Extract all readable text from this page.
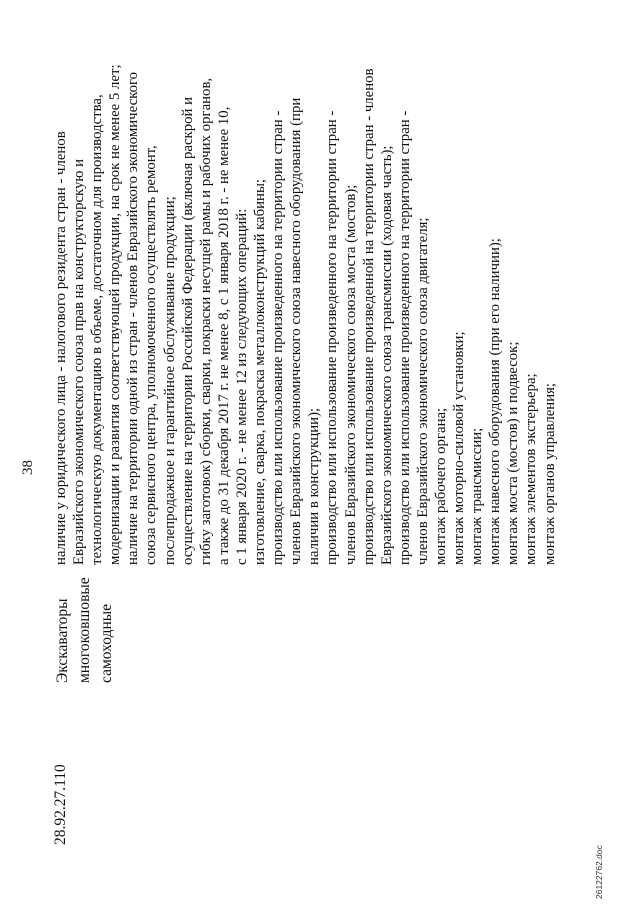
38
28.92.27.110
Экскаваторы многоковшовые самоходные
наличие у юридического лица - налогового резидента стран - членов Евразийского экономического союза прав на конструкторскую и технологическую документацию в объеме, достаточном для производства, модернизации и развития соответствующей продукции, на срок не менее 5 лет; наличие на территории одной из стран - членов Евразийского экономического союза сервисного центра, уполномоченного осуществлять ремонт, послепродажное и гарантийное обслуживание продукции; осуществление на территории Российской Федерации (включая раскрой и гибку заготовок) сборки, сварки, покраски несущей рамы и рабочих органов, а также до 31 декабря 2017 г. не менее 8, с 1 января 2018 г. - не менее 10, с 1 января 2020 г. - не менее 12 из следующих операций: изготовление, сварка, покраска металлоконструкций кабины; производство или использование произведенного на территории стран - членов Евразийского экономического союза навесного оборудования (при наличии в конструкции); производство или использование произведенного на территории стран - членов Евразийского экономического союза моста (мостов); производство или использование произведенной на территории стран - членов Евразийского экономического союза трансмиссии (ходовая часть); производство или использование произведенного на территории стран - членов Евразийского экономического союза двигателя; монтаж рабочего органа; монтаж моторно-силовой установки; монтаж трансмиссии; монтаж навесного оборудования (при его наличии); монтаж моста (мостов) и подвесок; монтаж элементов экстерьера; монтаж органов управления;
26122762.doc
